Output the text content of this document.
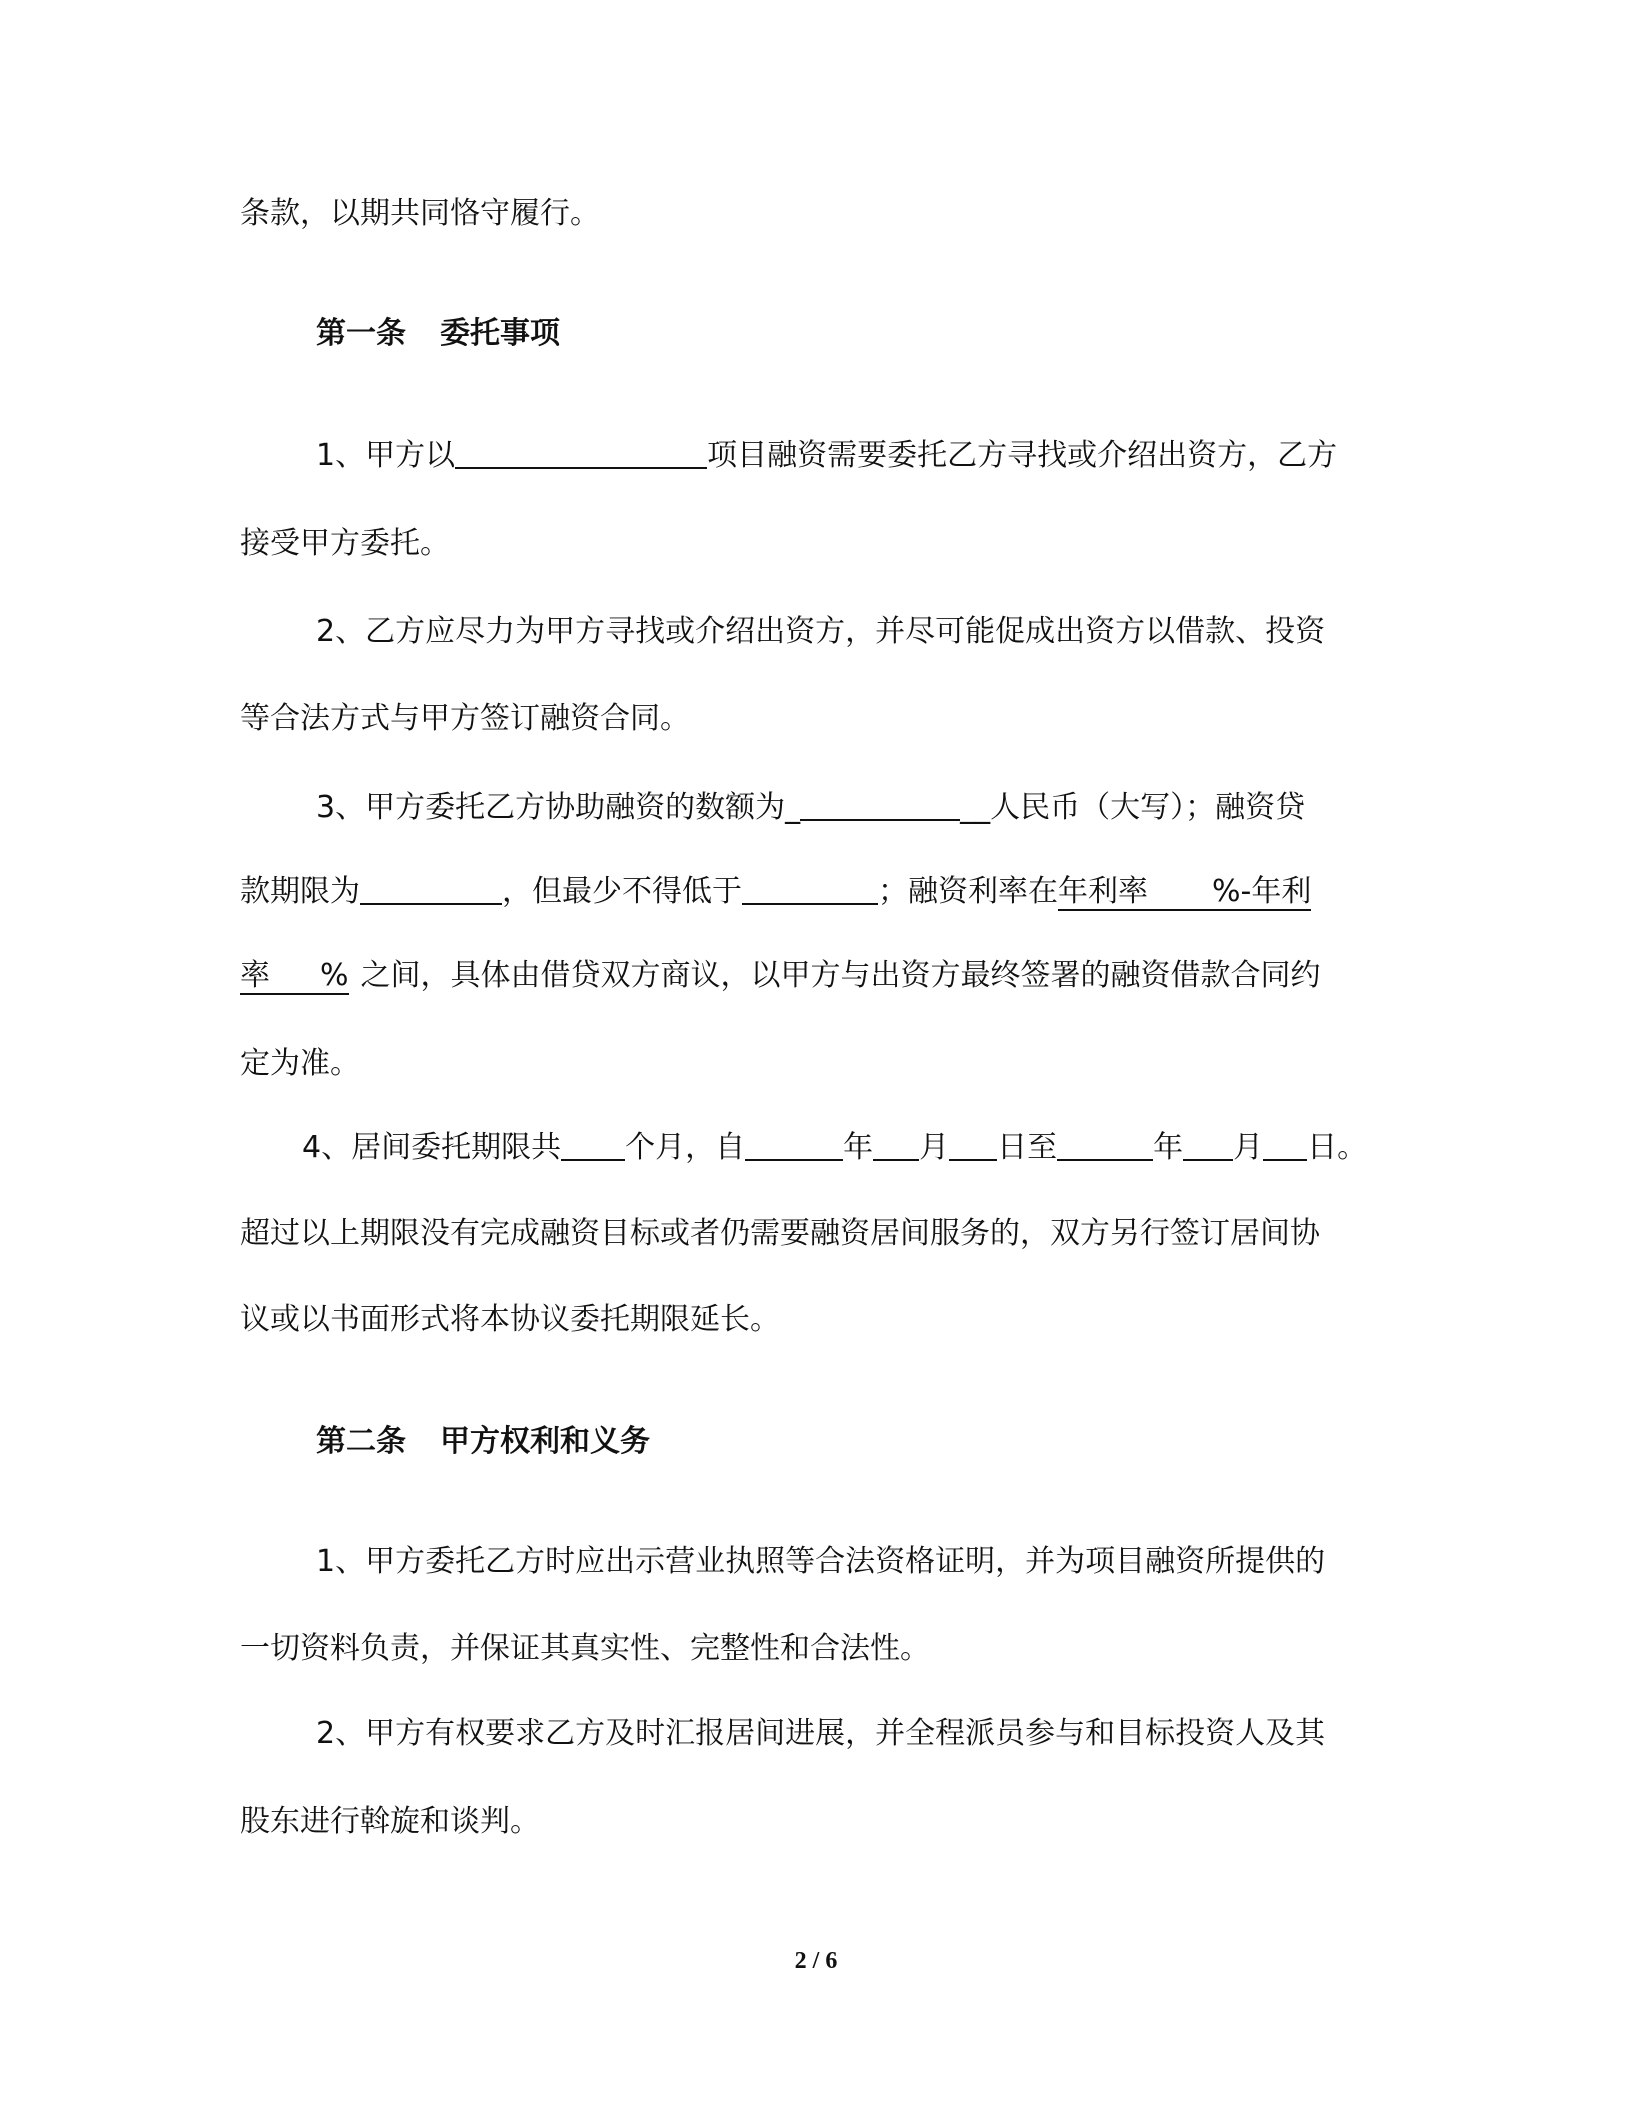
条款，以期共同恪守履行。
第一条 委托事项
1、甲方以	项目融资需要委托乙方寻找或介绍出资方，乙方
接受甲方委托。
2、乙方应尽力为甲方寻找或介绍出资方，并尽可能促成出资方以借款、投资
等合法方式与甲方签订融资合同。
3、甲方委托乙方协助融资的数额为_	__人民币（大写）；融资贷
款期限为	，但最少不得低于	；融资利率在年利率 %-年利
率 % 之间，具体由借贷双方商议，以甲方与出资方最终签署的融资借款合同约
定为准。
4、居间委托期限共 个月，自	年 月 日至	年 月 日。
超过以上期限没有完成融资目标或者仍需要融资居间服务的，双方另行签订居间协
议或以书面形式将本协议委托期限延长。
第二条 甲方权利和义务
1、甲方委托乙方时应出示营业执照等合法资格证明，并为项目融资所提供的
一切资料负责，并保证其真实性、完整性和合法性。
2、甲方有权要求乙方及时汇报居间进展，并全程派员参与和目标投资人及其
股东进行斡旋和谈判。
2 / 6
